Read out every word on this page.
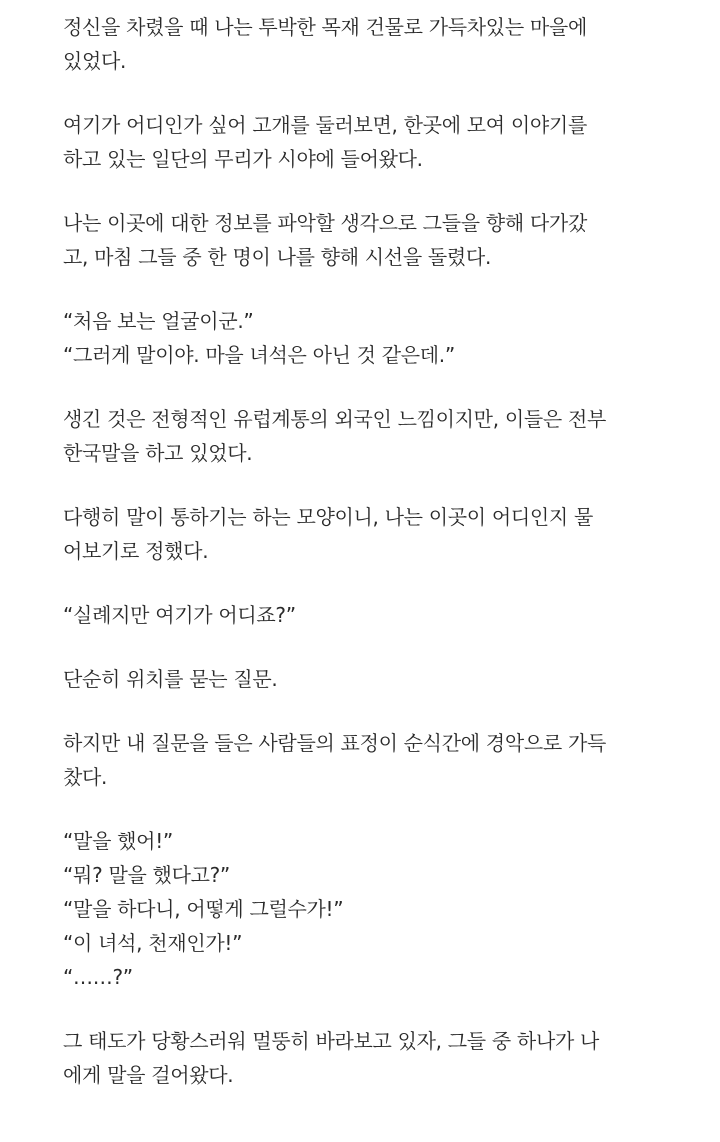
정신을 차렸을 때 나는 투박한 목재 건물로 가득차있는 마을에
있었다.

여기가 어디인가 싶어 고개를 둘러보면, 한곳에 모여 이야기를
하고 있는 일단의 무리가 시야에 들어왔다.

나는 이곳에 대한 정보를 파악할 생각으로 그들을 향해 다가갔
고, 마침 그들 중 한 명이 나를 향해 시선을 돌렸다.

“처음 보는 얼굴이군.”
“그러게 말이야. 마을 녀석은 아닌 것 같은데.”

생긴 것은 전형적인 유럽계통의 외국인 느낌이지만, 이들은 전부
한국말을 하고 있었다.

다행히 말이 통하기는 하는 모양이니, 나는 이곳이 어디인지 물
어보기로 정했다.

“실례지만 여기가 어디죠?”

단순히 위치를 묻는 질문.

하지만 내 질문을 들은 사람들의 표정이 순식간에 경악으로 가득
찼다.

“말을 했어!”
“뭐? 말을 했다고?”
“말을 하다니, 어떻게 그럴수가!”
“이 녀석, 천재인가!”
“……?”

그 태도가 당황스러워 멀뚱히 바라보고 있자, 그들 중 하나가 나
에게 말을 걸어왔다.
